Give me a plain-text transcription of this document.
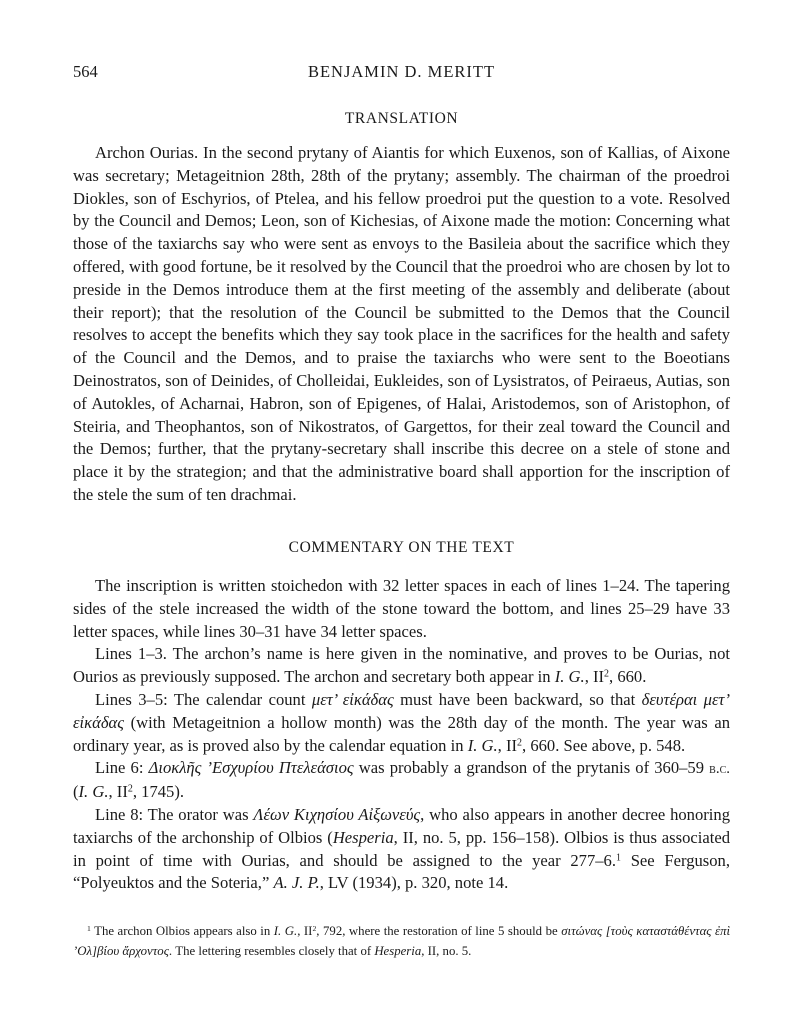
564	BENJAMIN D. MERITT
TRANSLATION

Archon Ourias. In the second prytany of Aiantis for which Euxenos, son of Kallias, of Aixone was secretary; Metageitnion 28th, 28th of the prytany; assembly. The chairman of the proedroi Diokles, son of Eschyrios, of Ptelea, and his fellow proedroi put the question to a vote. Resolved by the Council and Demos; Leon, son of Kichesias, of Aixone made the motion: Concerning what those of the taxiarchs say who were sent as envoys to the Basileia about the sacrifice which they offered, with good fortune, be it resolved by the Council that the proedroi who are chosen by lot to preside in the Demos introduce them at the first meeting of the assembly and deliberate (about their report); that the resolution of the Council be submitted to the Demos that the Council resolves to accept the benefits which they say took place in the sacrifices for the health and safety of the Council and the Demos, and to praise the taxiarchs who were sent to the Boeotians Deinostratos, son of Deinides, of Cholleidai, Eukleides, son of Lysistratos, of Peiraeus, Autias, son of Autokles, of Acharnai, Habron, son of Epigenes, of Halai, Aristodemos, son of Aristophon, of Steiria, and Theophantos, son of Nikostratos, of Gargettos, for their zeal toward the Council and the Demos; further, that the prytany-secretary shall inscribe this decree on a stele of stone and place it by the strategion; and that the administrative board shall apportion for the inscription of the stele the sum of ten drachmai.

COMMENTARY ON THE TEXT

The inscription is written stoichedon with 32 letter spaces in each of lines 1–24. The tapering sides of the stele increased the width of the stone toward the bottom, and lines 25–29 have 33 letter spaces, while lines 30–31 have 34 letter spaces.

Lines 1–3. The archon’s name is here given in the nominative, and proves to be Ourias, not Ourios as previously supposed. The archon and secretary both appear in I. G., $II^2$, 660.

Lines 3–5: The calendar count μετ’ εἰκάδας must have been backward, so that δευτέραι μετ’ εἰκάδας (with Metageitnion a hollow month) was the 28th day of the month. The year was an ordinary year, as is proved also by the calendar equation in I. G., $II^2$, 660. See above, p. 548.

Line 6: Διοκλῆς ’Εσχυρίου Πτελεάσιος was probably a grandson of the prytanis of 360–59 b.c. (I. G., $II^2$, 1745).

Line 8: The orator was Λέων Κιχησίου Αἰξωνεύς, who also appears in another decree honoring taxiarchs of the archonship of Olbios (Hesperia, II, no. 5, pp. 156–158). Olbios is thus associated in point of time with Ourias, and should be assigned to the year 277–6.$^1$ See Ferguson, “Polyeuktos and the Soteria,” A. J. P., LV (1934), p. 320, note 14.

$^1$ The archon Olbios appears also in I. G., $II^2$, 792, where the restoration of line 5 should be σιτώνας [τοὺς καταστάθέντας ἐπὶ ’Ολ]βίου ἄρχοντος. The lettering resembles closely that of Hesperia, II, no. 5.
